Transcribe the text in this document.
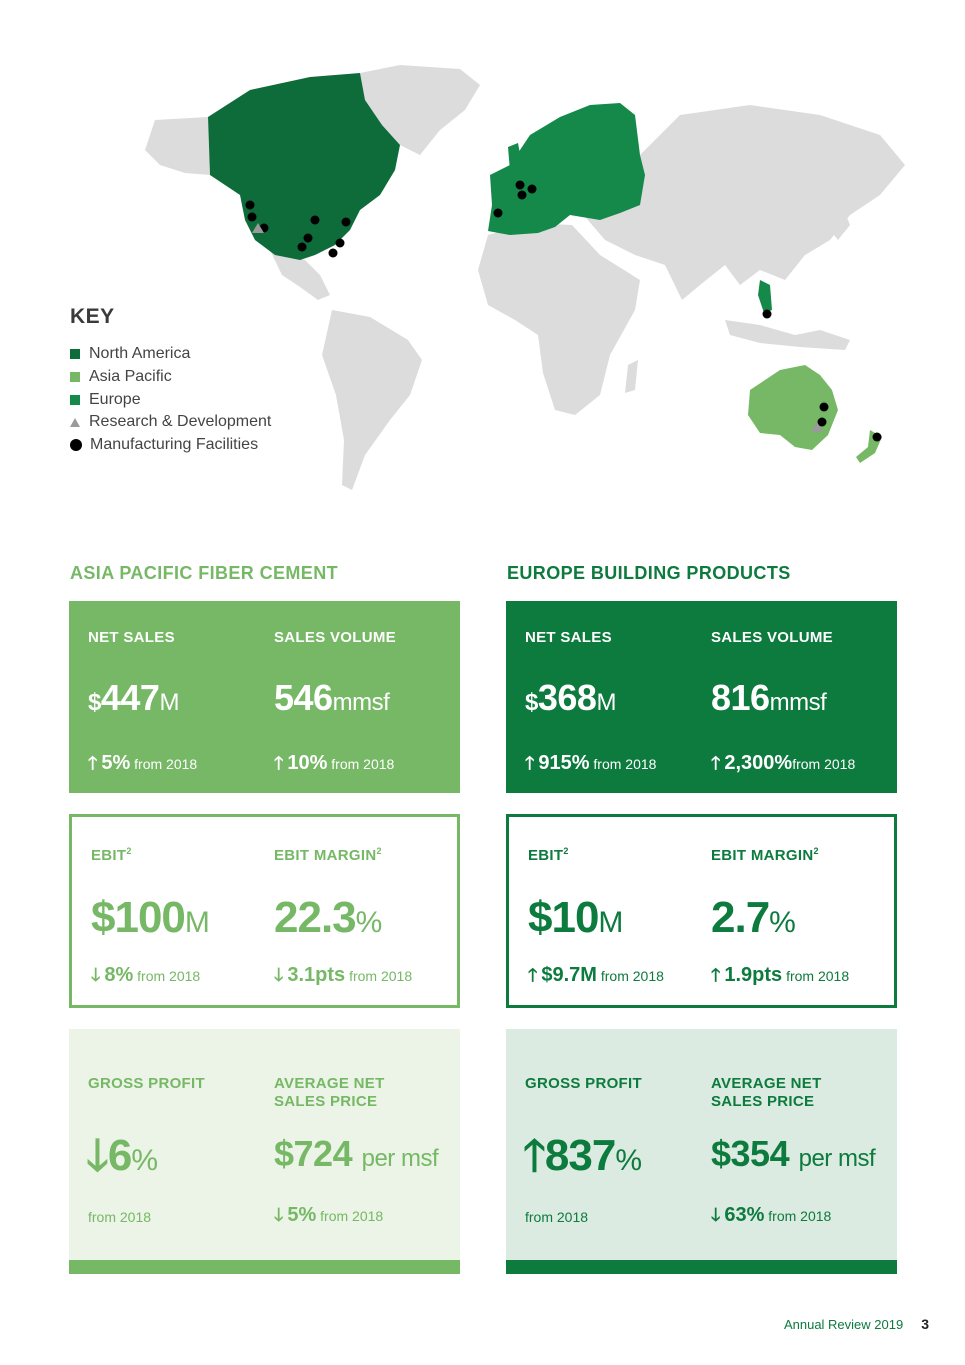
KEY
North America
Asia Pacific
Europe
Research & Development
Manufacturing Facilities
ASIA PACIFIC FIBER CEMENT	EUROPE BUILDING PRODUCTS
NET SALES	SALES VOLUME
$447M	546mmsf
🡑 5% from 2018	🡑 10% from 2018
EBIT$^2$	EBIT MARGIN$^2$
$100M 22.3%
🡓 8% from 2018	🡓 3.1pts from 2018
GROSS PROFIT	AVERAGE NET
SALES PRICE
🡓6%	$724 per msf
from 2018	🡓 5% from 2018
NET SALES	SALES VOLUME
$368M	816mmsf
🡑 915% from 2018	🡑 2,300%from 2018
EBIT$^2$	EBIT MARGIN$^2$
$10M 2.7%
🡑 $9.7M from 2018	🡑 1.9pts from 2018
GROSS PROFIT	AVERAGE NET
SALES PRICE
🡑837% $354 per msf
from 2018	🡓 63% from 2018
Annual Review 2019 3
